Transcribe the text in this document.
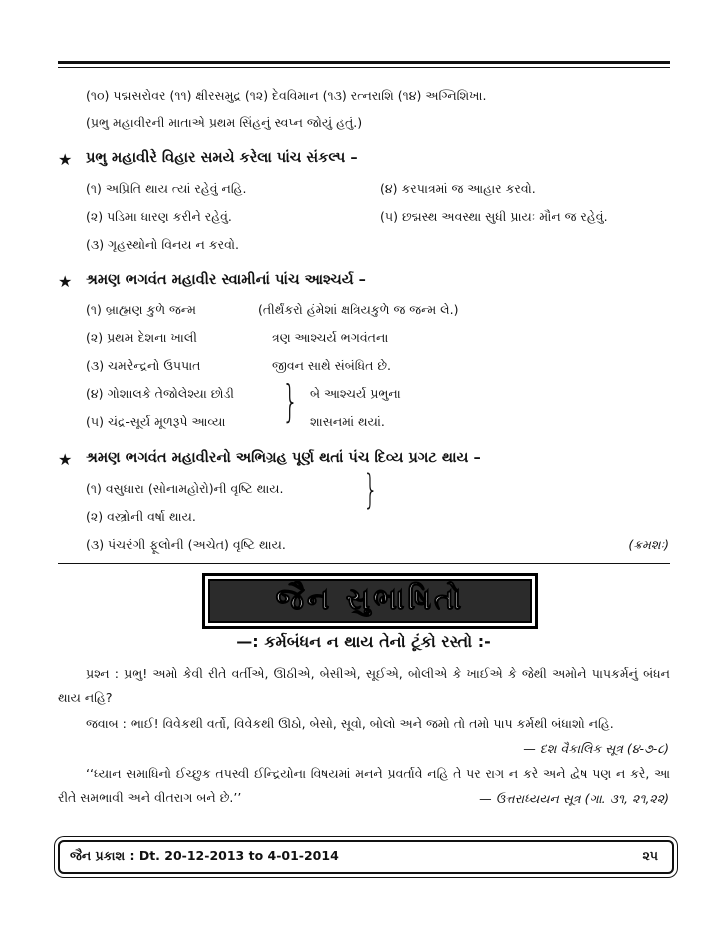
(૧૦) પદ્મસરોવર (૧૧) ક્ષીરસમુદ્ર (૧૨) દેવવિમાન (૧૩) રત્નરાશિ (૧૪) અગ્નિશિખા.
(પ્રભુ મહાવીરની માતાએ પ્રથમ સિંહનું સ્વપ્ન જોયું હતું.)
★ પ્રભુ મહાવીરે વિહાર સમયે કરેલા પાંચ સંકલ્પ –
(૧) અપ્રિતિ થાય ત્યાં રહેવું નહિ.
(૨) પડિમા ધારણ કરીને રહેવું.
(૩) ગૃહસ્થોનો વિનય ન કરવો.
(૪) કરપાત્રમાં જ આહાર કરવો.
(૫) છદ્મસ્થ અવસ્થા સુધી પ્રાયઃ મૌન જ રહેવું.
★ શ્રમણ ભગવંત મહાવીર સ્વામીનાં પાંચ આશ્ચર્ય –
(૧) બ્રાહ્મણ કુળે જન્મ	(તીર્થંકરો હંમેશાં ક્ષત્રિયકુળે જ જન્મ લે.)
(૨) પ્રથમ દેશના ખાલી	ત્રણ આશ્ચર્ય ભગવંતના
(૩) ચમરેન્દ્રનો ઉપપાત	જીવન સાથે સંબંધિત છે.
(૪) ગોશાલકે તેજોલેશ્યા છોડી	બે આશ્ચર્ય પ્રભુના
(૫) ચંદ્ર-સૂર્ય મૂળરૂપે આવ્યા	શાસનમાં થયાં.
}
★ શ્રમણ ભગવંત મહાવીરનો અભિગ્રહ પૂર્ણ થતાં પંચ દિવ્ય પ્રગટ થાય –
(૧) વસુધારા (સોનામહોરો)ની વૃષ્ટિ થાય.
(૨) વસ્ત્રોની વર્ષા થાય.
(૩) પંચરંગી ફૂલોની (અચેત) વૃષ્ટિ થાય.
}
(ક્રમશઃ)
જૈન સુભાષિતો
—: કર્મબંધન ન થાય તેનો ટૂંકો રસ્તો :-
પ્રશ્ન : પ્રભુ! અમો કેવી રીતે વર્તીએ, ઊઠીએ, બેસીએ, સૂઈએ, બોલીએ કે ખાઈએ કે જેથી અમોને પાપકર્મનું બંધન થાય નહિ?
જવાબ : ભાઈ! વિવેકથી વર્તો, વિવેકથી ઊઠો, બેસો, સૂવો, બોલો અને જમો તો તમો પાપ કર્મથી બંધાશો નહિ.
— દશ વૈકાલિક સૂત્ર (૪-૭-૮)
‘‘ધ્યાન સમાધિનો ઈચ્છુક તપસ્વી ઈન્દ્રિયોના વિષયમાં મનને પ્રવર્તાવે નહિ તે પર રાગ ન કરે અને દ્વેષ પણ ન કરે, આ રીતે સમભાવી અને વીતરાગ બને છે.’’	— ઉત્તરાધ્યયન સૂત્ર (ગા. ૩૧, ૨૧,૨૨)
જૈન પ્રકાશ : Dt. 20-12-2013 to 4-01-2014	૨૫
